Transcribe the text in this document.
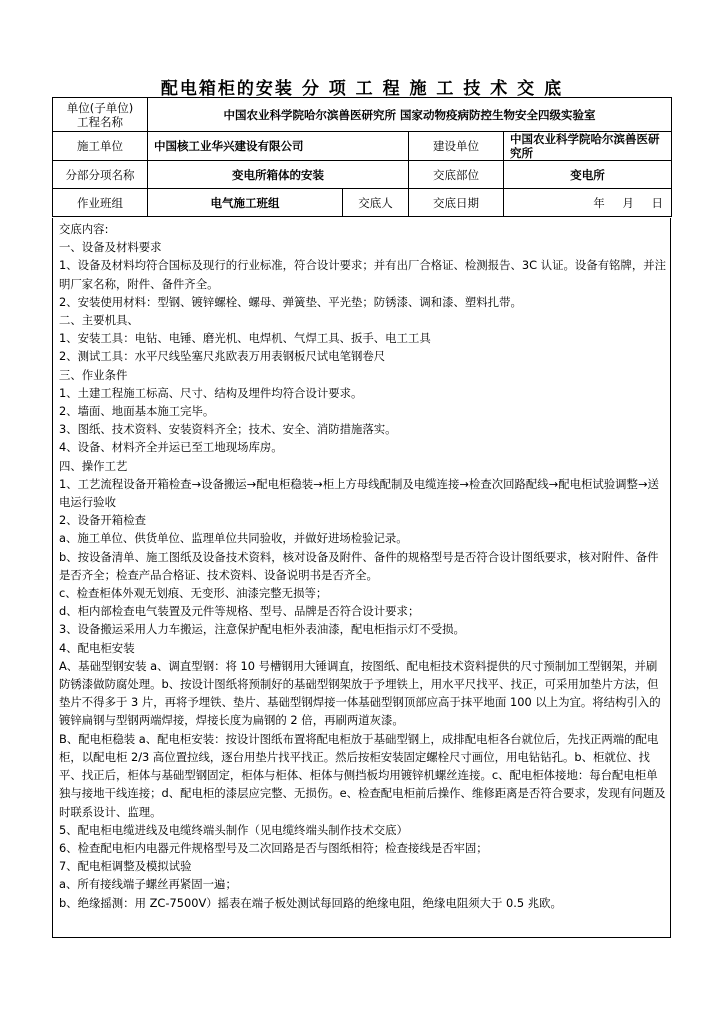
配电箱柜的安装 分 项 工 程 施 工 技 术 交 底
单位(子单位)
工程名称	中国农业科学院哈尔滨兽医研究所 国家动物疫病防控生物安全四级实验室			
施工单位	中国核工业华兴建设有限公司		建设单位	中国农业科学院哈尔滨兽医研究所
分部分项名称	变电所箱体的安装		交底部位	变电所
作业班组	电气施工班组	交底人	交底日期	年 月 日
交底内容:
一、设备及材料要求
1、设备及材料均符合国标及现行的行业标准，符合设计要求；并有出厂合格证、检测报告、3C 认证。设备有铭牌，并注明厂家名称，附件、备件齐全。
2、安装使用材料：型钢、镀锌螺栓、螺母、弹簧垫、平光垫；防锈漆、调和漆、塑料扎带。
二、主要机具、
1、安装工具：电钻、电锤、磨光机、电焊机、气焊工具、扳手、电工工具
2、测试工具：水平尺线坠塞尺兆欧表万用表钢板尺试电笔钢卷尺
三、作业条件
1、土建工程施工标高、尺寸、结构及埋件均符合设计要求。
2、墙面、地面基本施工完毕。
3、图纸、技术资料、安装资料齐全；技术、安全、消防措施落实。
4、设备、材料齐全并运已至工地现场库房。
四、操作工艺
1、工艺流程设备开箱检查→设备搬运→配电柜稳装→柜上方母线配制及电缆连接→检查次回路配线→配电柜试验调整→送电运行验收
2、设备开箱检查
a、施工单位、供货单位、监理单位共同验收，并做好进场检验记录。
b、按设备清单、施工图纸及设备技术资料，核对设备及附件、备件的规格型号是否符合设计图纸要求，核对附件、备件是否齐全；检查产品合格证、技术资料、设备说明书是否齐全。
c、检查柜体外观无划痕、无变形、油漆完整无损等；
d、柜内部检查电气装置及元件等规格、型号、品牌是否符合设计要求；
3、设备搬运采用人力车搬运，注意保护配电柜外表油漆，配电柜指示灯不受损。
4、配电柜安装
A、基础型钢安装 a、调直型钢：将 10 号槽钢用大锤调直，按图纸、配电柜技术资料提供的尺寸预制加工型钢架，并刷防锈漆做防腐处理。b、按设计图纸将预制好的基础型钢架放于予埋铁上，用水平尺找平、找正，可采用加垫片方法，但垫片不得多于 3 片，再将予埋铁、垫片、基础型钢焊接一体基础型钢顶部应高于抹平地面 100 以上为宜。将结构引入的镀锌扁钢与型钢两端焊接，焊接长度为扁钢的 2 倍，再刷两道灰漆。
B、配电柜稳装 a、配电柜安装：按设计图纸布置将配电柜放于基础型钢上，成排配电柜各台就位后，先找正两端的配电柜，以配电柜 2/3 高位置拉线，逐台用垫片找平找正。然后按柜安装固定螺栓尺寸画位，用电钻钻孔。b、柜就位、找平、找正后，柜体与基础型钢固定，柜体与柜体、柜体与侧挡板均用镀锌机螺丝连接。c、配电柜体接地：每台配电柜单独与接地干线连接；d、配电柜的漆层应完整、无损伤。e、检查配电柜前后操作、维修距离是否符合要求，发现有问题及时联系设计、监理。
5、配电柜电缆进线及电缆终端头制作（见电缆终端头制作技术交底）
6、检查配电柜内电器元件规格型号及二次回路是否与图纸相符；检查接线是否牢固；
7、配电柜调整及模拟试验
a、所有接线端子螺丝再紧固一遍；
b、绝缘摇测：用 ZC-7500V）摇表在端子板处测试每回路的绝缘电阻，绝缘电阻须大于 0.5 兆欧。
